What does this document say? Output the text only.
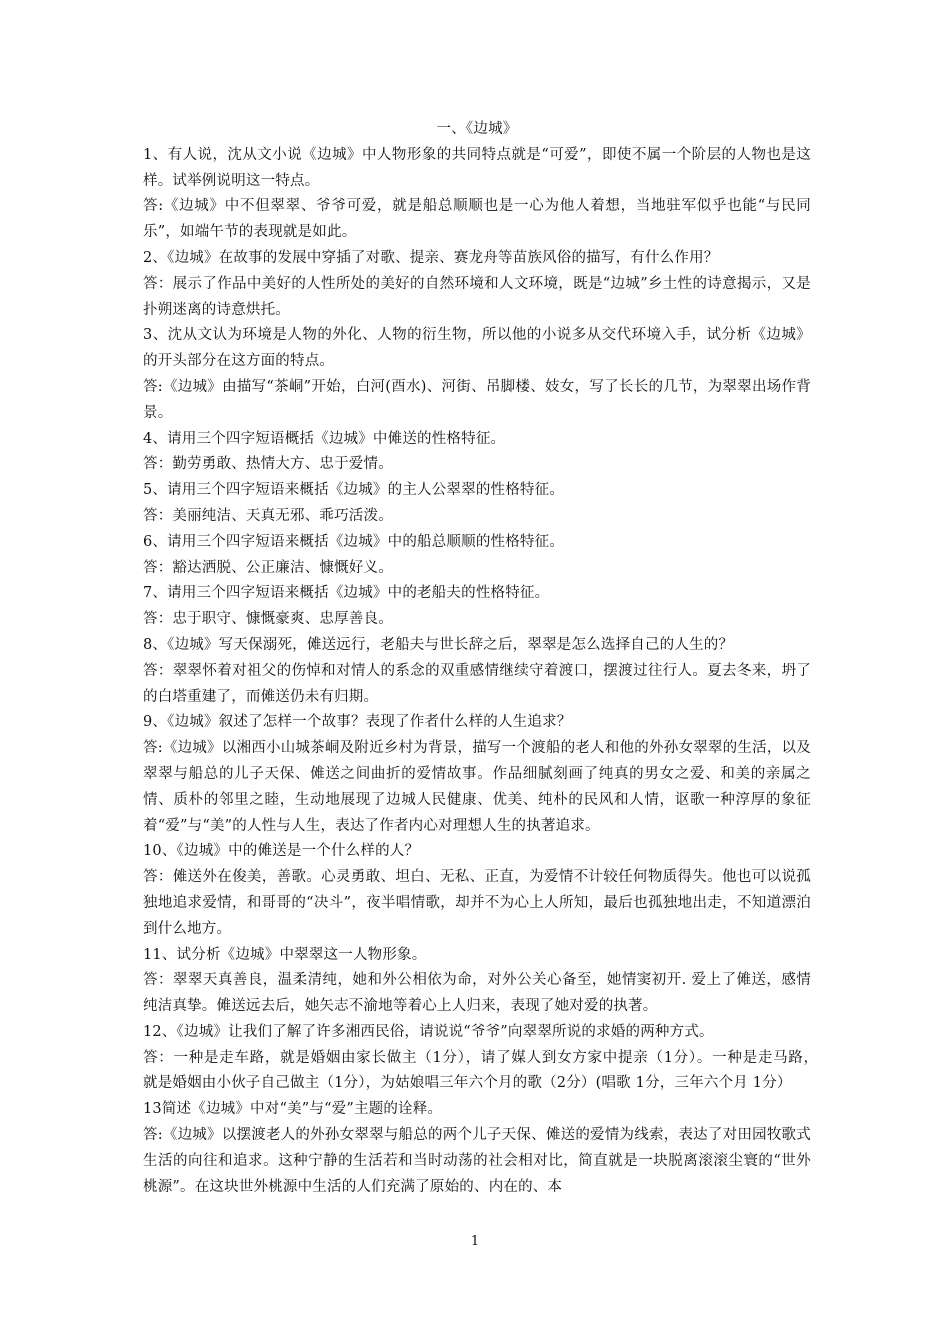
一、《边城》

1、有人说，沈从文小说《边城》中人物形象的共同特点就是“可爱”，即使不属一个阶层的人物也是这样。试举例说明这一特点。

答:《边城》中不但翠翠、爷爷可爱，就是船总顺顺也是一心为他人着想，当地驻军似乎也能“与民同乐”，如端午节的表现就是如此。

2、《边城》在故事的发展中穿插了对歌、提亲、赛龙舟等苗族风俗的描写，有什么作用？

答：展示了作品中美好的人性所处的美好的自然环境和人文环境，既是“边城”乡土性的诗意揭示，又是扑朔迷离的诗意烘托。

3、沈从文认为环境是人物的外化、人物的衍生物，所以他的小说多从交代环境入手，试分析《边城》的开头部分在这方面的特点。

答:《边城》由描写“茶峒”开始，白河(酉水)、河街、吊脚楼、妓女，写了长长的几节，为翠翠出场作背景。

4、请用三个四字短语概括《边城》中傩送的性格特征。

答：勤劳勇敢、热情大方、忠于爱情。

5、请用三个四字短语来概括《边城》的主人公翠翠的性格特征。

答：美丽纯洁、天真无邪、乖巧活泼。

6、请用三个四字短语来概括《边城》中的船总顺顺的性格特征。

答：豁达洒脱、公正廉洁、慷慨好义。

7、请用三个四字短语来概括《边城》中的老船夫的性格特征。

答：忠于职守、慷慨豪爽、忠厚善良。

8、《边城》写天保溺死，傩送远行，老船夫与世长辞之后，翠翠是怎么选择自己的人生的？

答：翠翠怀着对祖父的伤悼和对情人的系念的双重感情继续守着渡口，摆渡过往行人。夏去冬来，坍了的白塔重建了，而傩送仍未有归期。

9、《边城》叙述了怎样一个故事？表现了作者什么样的人生追求？

答:《边城》以湘西小山城茶峒及附近乡村为背景，描写一个渡船的老人和他的外孙女翠翠的生活，以及翠翠与船总的儿子天保、傩送之间曲折的爱情故事。作品细腻刻画了纯真的男女之爱、和美的亲属之情、质朴的邻里之睦，生动地展现了边城人民健康、优美、纯朴的民风和人情，讴歌一种淳厚的象征着“爱”与“美”的人性与人生，表达了作者内心对理想人生的执著追求。

10、《边城》中的傩送是一个什么样的人？

答：傩送外在俊美，善歌。心灵勇敢、坦白、无私、正直，为爱情不计较任何物质得失。他也可以说孤独地追求爱情，和哥哥的“决斗”，夜半唱情歌，却并不为心上人所知，最后也孤独地出走，不知道漂泊到什么地方。

11、试分析《边城》中翠翠这一人物形象。

答：翠翠天真善良，温柔清纯，她和外公相依为命，对外公关心备至，她情窦初开. 爱上了傩送，感情纯洁真挚。傩送远去后，她矢志不渝地等着心上人归来，表现了她对爱的执著。

12、《边城》让我们了解了许多湘西民俗，请说说“爷爷”向翠翠所说的求婚的两种方式。

答：一种是走车路，就是婚姻由家长做主（1分），请了媒人到女方家中提亲（1分）。一种是走马路，　就是婚姻由小伙子自己做主（1分），为姑娘唱三年六个月的歌（2分）(唱歌 1分，三年六个月 1分）

13简述《边城》中对“美”与“爱”主题的诠释。

答:《边城》以摆渡老人的外孙女翠翠与船总的两个儿子天保、傩送的爱情为线索，表达了对田园牧歌式生活的向往和追求。这种宁静的生活若和当时动荡的社会相对比，简直就是一块脱离滚滚尘寰的“世外桃源”。在这块世外桃源中生活的人们充满了原始的、内在的、本

1
